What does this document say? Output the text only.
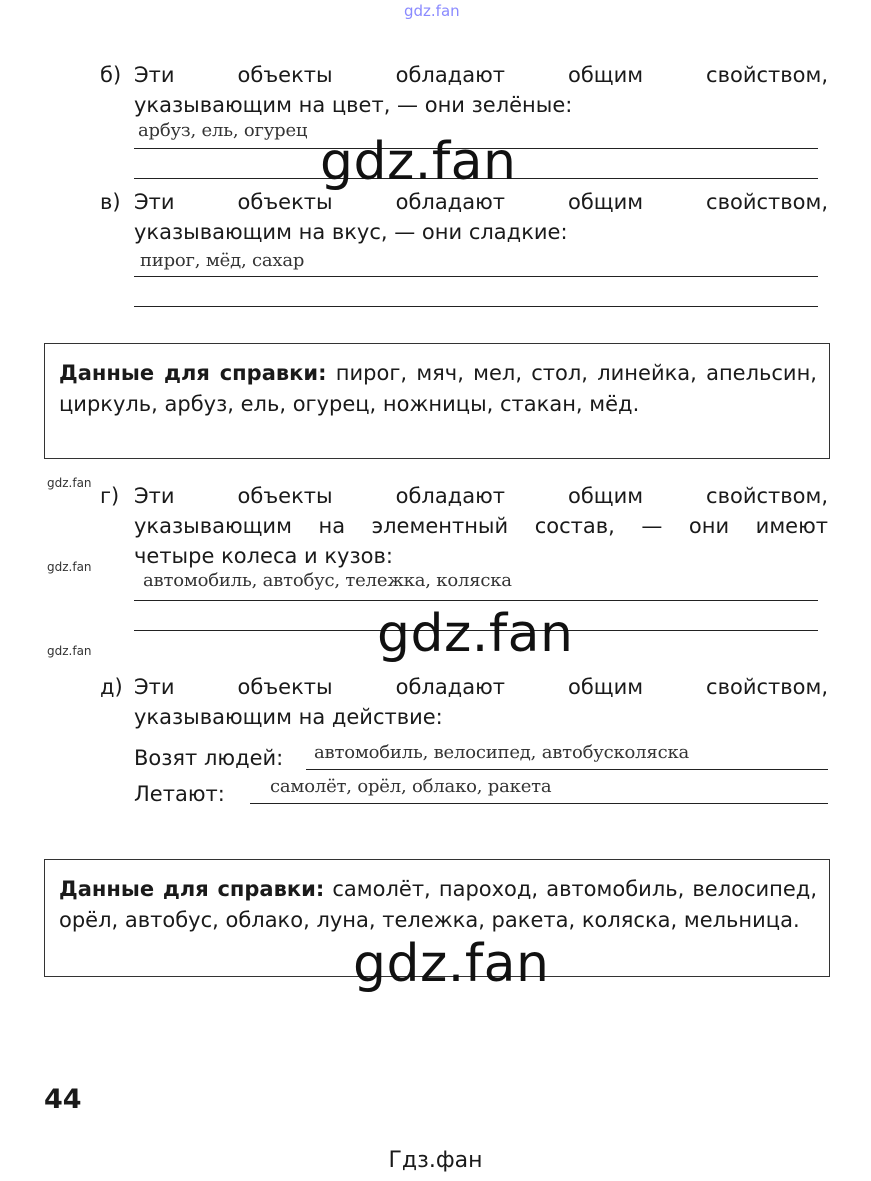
gdz.fan
б) Эти объекты обладают общим свойством,
указывающим на цвет, — они зелёные:
арбуз, ель, огурец
gdz.fan
в) Эти объекты обладают общим свойством,
указывающим на вкус, — они сладкие:
пирог, мёд, сахар
Данные для справки: пирог, мяч, мел, стол, линейка, апельсин, циркуль, арбуз, ель, огурец, ножницы, стакан, мёд.
gdz.fan
г) Эти объекты обладают общим свойством,
указывающим на элементный состав, — они имеют
четыре колеса и кузов:
gdz.fan
автомобиль, автобус, тележка, коляска
gdz.fan
gdz.fan
д) Эти объекты обладают общим свойством,
указывающим на действие:
Возят людей: автомобиль, велосипед, автобусколяска
Летают:	самолёт, орёл, облако, ракета
Данные для справки: самолёт, пароход, автомобиль, велосипед, орёл, автобус, облако, луна, тележка, ракета, коляска, мельница.
gdz.fan
44
Гдз.фан
